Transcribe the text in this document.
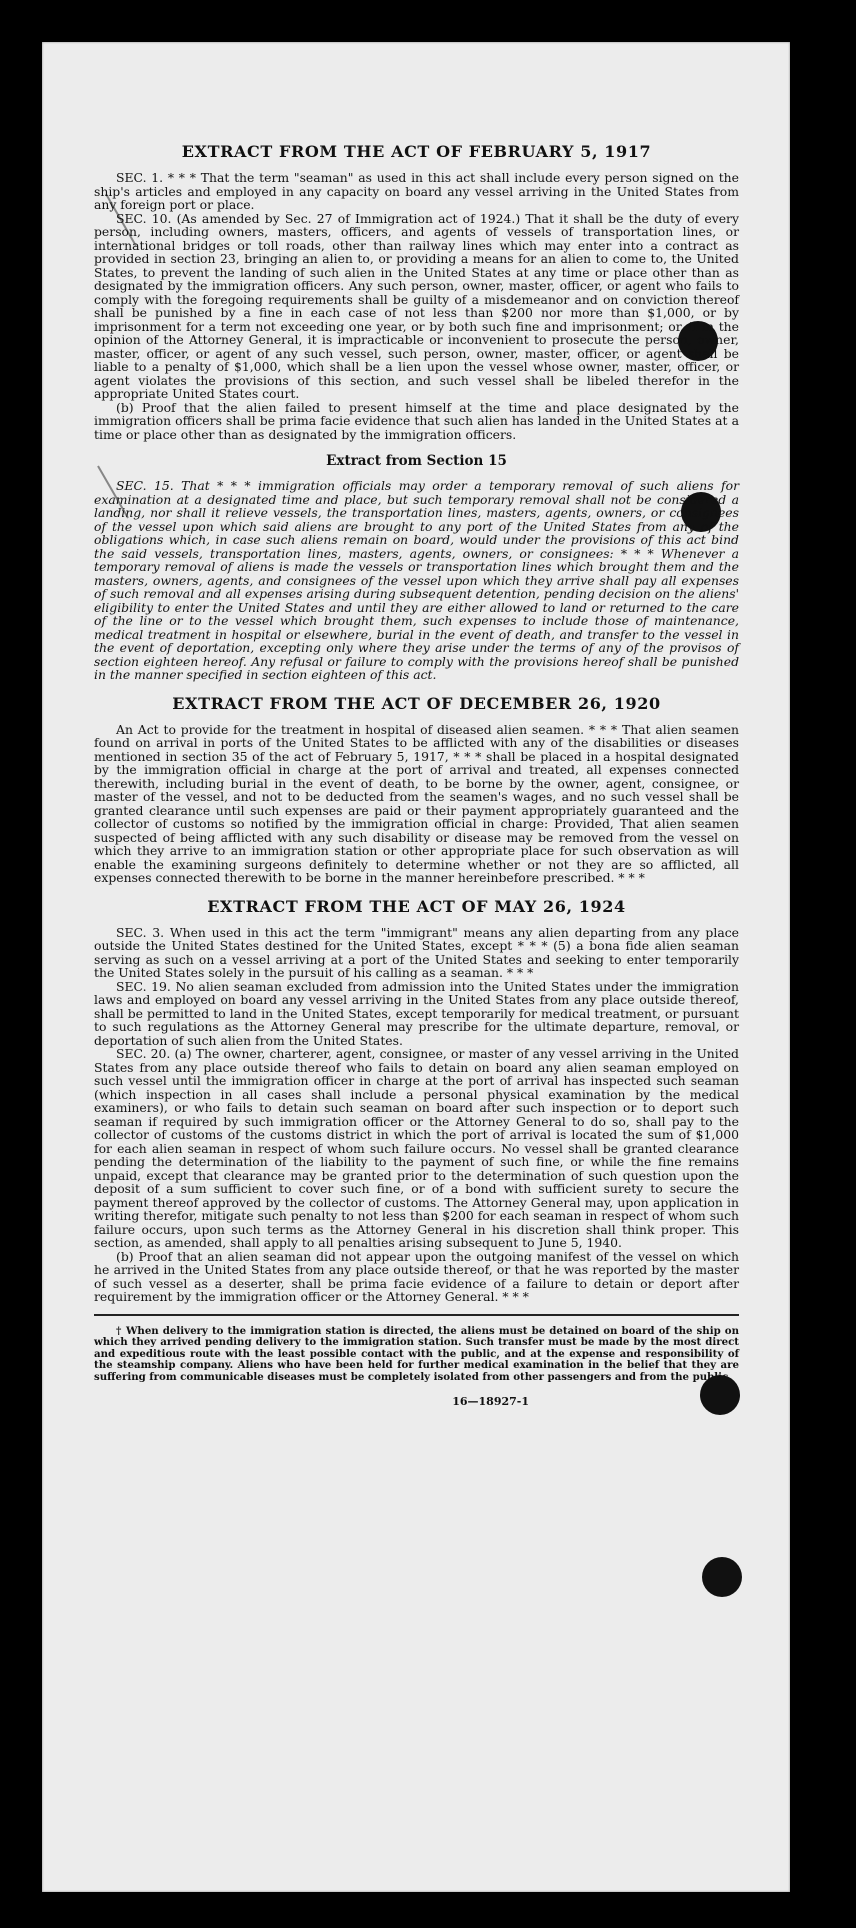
EXTRACT FROM THE ACT OF FEBRUARY 5, 1917

SEC. 1. * * * That the term "seaman" as used in this act shall include every person signed on the ship's articles and employed in any capacity on board any vessel arriving in the United States from any foreign port or place.

SEC. 10. (As amended by Sec. 27 of Immigration act of 1924.) That it shall be the duty of every person, including owners, masters, officers, and agents of vessels of transportation lines, or international bridges or toll roads, other than railway lines which may enter into a contract as provided in section 23, bringing an alien to, or providing a means for an alien to come to, the United States, to prevent the landing of such alien in the United States at any time or place other than as designated by the immigration officers. Any such person, owner, master, officer, or agent who fails to comply with the foregoing requirements shall be guilty of a misdemeanor and on conviction thereof shall be punished by a fine in each case of not less than $200 nor more than $1,000, or by imprisonment for a term not exceeding one year, or by both such fine and imprisonment; or, if in the opinion of the Attorney General, it is impracticable or inconvenient to prosecute the person, owner, master, officer, or agent of any such vessel, such person, owner, master, officer, or agent shall be liable to a penalty of $1,000, which shall be a lien upon the vessel whose owner, master, officer, or agent violates the provisions of this section, and such vessel shall be libeled therefor in the appropriate United States court.

(b) Proof that the alien failed to present himself at the time and place designated by the immigration officers shall be prima facie evidence that such alien has landed in the United States at a time or place other than as designated by the immigration officers.

Extract from Section 15

SEC. 15. That * * * immigration officials may order a temporary removal of such aliens for examination at a designated time and place, but such temporary removal shall not be considered a landing, nor shall it relieve vessels, the transportation lines, masters, agents, owners, or consignees of the vessel upon which said aliens are brought to any port of the United States from any of the obligations which, in case such aliens remain on board, would under the provisions of this act bind the said vessels, transportation lines, masters, agents, owners, or consignees: * * * Whenever a temporary removal of aliens is made the vessels or transportation lines which brought them and the masters, owners, agents, and consignees of the vessel upon which they arrive shall pay all expenses of such removal and all expenses arising during subsequent detention, pending decision on the aliens' eligibility to enter the United States and until they are either allowed to land or returned to the care of the line or to the vessel which brought them, such expenses to include those of maintenance, medical treatment in hospital or elsewhere, burial in the event of death, and transfer to the vessel in the event of deportation, excepting only where they arise under the terms of any of the provisos of section eighteen hereof. Any refusal or failure to comply with the provisions hereof shall be punished in the manner specified in section eighteen of this act.

EXTRACT FROM THE ACT OF DECEMBER 26, 1920

An Act to provide for the treatment in hospital of diseased alien seamen. * * * That alien seamen found on arrival in ports of the United States to be afflicted with any of the disabilities or diseases mentioned in section 35 of the act of February 5, 1917, * * * shall be placed in a hospital designated by the immigration official in charge at the port of arrival and treated, all expenses connected therewith, including burial in the event of death, to be borne by the owner, agent, consignee, or master of the vessel, and not to be deducted from the seamen's wages, and no such vessel shall be granted clearance until such expenses are paid or their payment appropriately guaranteed and the collector of customs so notified by the immigration official in charge: Provided, That alien seamen suspected of being afflicted with any such disability or disease may be removed from the vessel on which they arrive to an immigration station or other appropriate place for such observation as will enable the examining surgeons definitely to determine whether or not they are so afflicted, all expenses connected therewith to be borne in the manner hereinbefore prescribed. * * *

EXTRACT FROM THE ACT OF MAY 26, 1924

SEC. 3. When used in this act the term "immigrant" means any alien departing from any place outside the United States destined for the United States, except * * * (5) a bona fide alien seaman serving as such on a vessel arriving at a port of the United States and seeking to enter temporarily the United States solely in the pursuit of his calling as a seaman. * * *

SEC. 19. No alien seaman excluded from admission into the United States under the immigration laws and employed on board any vessel arriving in the United States from any place outside thereof, shall be permitted to land in the United States, except temporarily for medical treatment, or pursuant to such regulations as the Attorney General may prescribe for the ultimate departure, removal, or deportation of such alien from the United States.

SEC. 20. (a) The owner, charterer, agent, consignee, or master of any vessel arriving in the United States from any place outside thereof who fails to detain on board any alien seaman employed on such vessel until the immigration officer in charge at the port of arrival has inspected such seaman (which inspection in all cases shall include a personal physical examination by the medical examiners), or who fails to detain such seaman on board after such inspection or to deport such seaman if required by such immigration officer or the Attorney General to do so, shall pay to the collector of customs of the customs district in which the port of arrival is located the sum of $1,000 for each alien seaman in respect of whom such failure occurs. No vessel shall be granted clearance pending the determination of the liability to the payment of such fine, or while the fine remains unpaid, except that clearance may be granted prior to the determination of such question upon the deposit of a sum sufficient to cover such fine, or of a bond with sufficient surety to secure the payment thereof approved by the collector of customs. The Attorney General may, upon application in writing therefor, mitigate such penalty to not less than $200 for each seaman in respect of whom such failure occurs, upon such terms as the Attorney General in his discretion shall think proper. This section, as amended, shall apply to all penalties arising subsequent to June 5, 1940.

(b) Proof that an alien seaman did not appear upon the outgoing manifest of the vessel on which he arrived in the United States from any place outside thereof, or that he was reported by the master of such vessel as a deserter, shall be prima facie evidence of a failure to detain or deport after requirement by the immigration officer or the Attorney General. * * *

† When delivery to the immigration station is directed, the aliens must be detained on board of the ship on which they arrived pending delivery to the immigration station. Such transfer must be made by the most direct and expeditious route with the least possible contact with the public, and at the expense and responsibility of the steamship company. Aliens who have been held for further medical examination in the belief that they are suffering from communicable diseases must be completely isolated from other passengers and from the public.

16—18927-1
